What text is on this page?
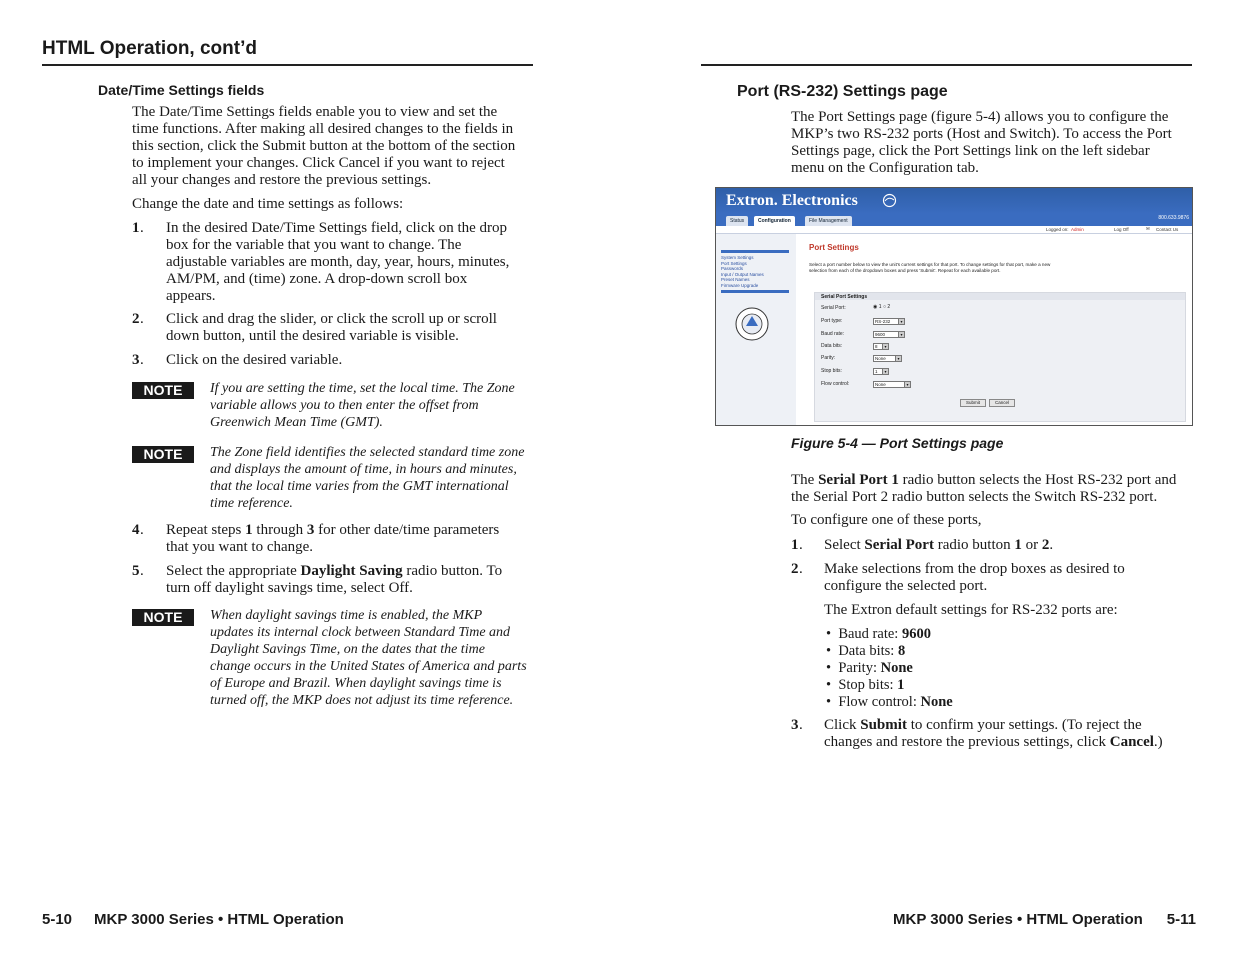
HTML Operation, cont’d
Date/Time Settings fields
The Date/Time Settings fields enable you to view and set the
time functions. After making all desired changes to the fields in
this section, click the Submit button at the bottom of the section
to implement your changes. Click Cancel if you want to reject
all your changes and restore the previous settings.
Change the date and time settings as follows:
1 . In the desired Date/Time Settings field, click on the drop
box for the variable that you want to change. The
adjustable variables are month, day, year, hours, minutes,
AM/PM, and (time) zone. A drop-down scroll box
appears.
2 . Click and drag the slider, or click the scroll up or scroll
down button, until the desired variable is visible.
3 . Click on the desired variable.
NOTE	If you are setting the time, set the local time. The Zone
variable allows you to then enter the offset from
Greenwich Mean Time (GMT).
NOTE	The Zone field identifies the selected standard time zone
and displays the amount of time, in hours and minutes,
that the local time varies from the GMT international
time reference.
4 . Repeat steps 1 through 3 for other date/time parameters
that you want to change.
5 . Select the appropriate Daylight Saving radio button. To
turn off daylight savings time, select Off.
NOTE	When daylight savings time is enabled, the MKP
updates its internal clock between Standard Time and
Daylight Savings Time, on the dates that the time
change occurs in the United States of America and parts
of Europe and Brazil. When daylight savings time is
turned off, the MKP does not adjust its time reference.
5-10 MKP 3000 Series • HTML Operation
Port (RS-232) Settings page
The Port Settings page (figure 5-4) allows you to configure the
MKP’s two RS-232 ports (Host and Switch). To access the Port
Settings page, click the Port Settings link on the left sidebar
menu on the Configuration tab.
Extron. Electronics
Status	Configuration	File Management	800.633.9876
Logged on: Admin	Log Off	✉ Contact Us
System Settings
Port Settings
Passwords
Input / Output Names
Preset Names
Firmware Upgrade
Port Settings
Select a port number below to view the unit's current settings for that port. To change settings for that port, make a new
selection from each of the dropdown boxes and press 'Submit'. Repeat for each available port.
Serial Port Settings
Serial Port:	◉ 1 ○ 2
Port type:	RS-232	▾
Baud rate:	9600	▾
Data bits:	8	▾
Parity:	None	▾
Stop bits:	1	▾
Flow control:	None	▾
Submit	Cancel
Figure 5-4 — Port Settings page
The Serial Port 1 radio button selects the Host RS-232 port and
the Serial Port 2 radio button selects the Switch RS-232 port.
To configure one of these ports,
1 . Select Serial Port radio button 1 or 2.
2 . Make selections from the drop boxes as desired to
configure the selected port.
The Extron default settings for RS-232 ports are:
•  Baud rate: 9600
•  Data bits: 8
•  Parity: None
•  Stop bits: 1
•  Flow control: None
3 . Click Submit to confirm your settings. (To reject the
changes and restore the previous settings, click Cancel.)
MKP 3000 Series • HTML Operation 5-11
